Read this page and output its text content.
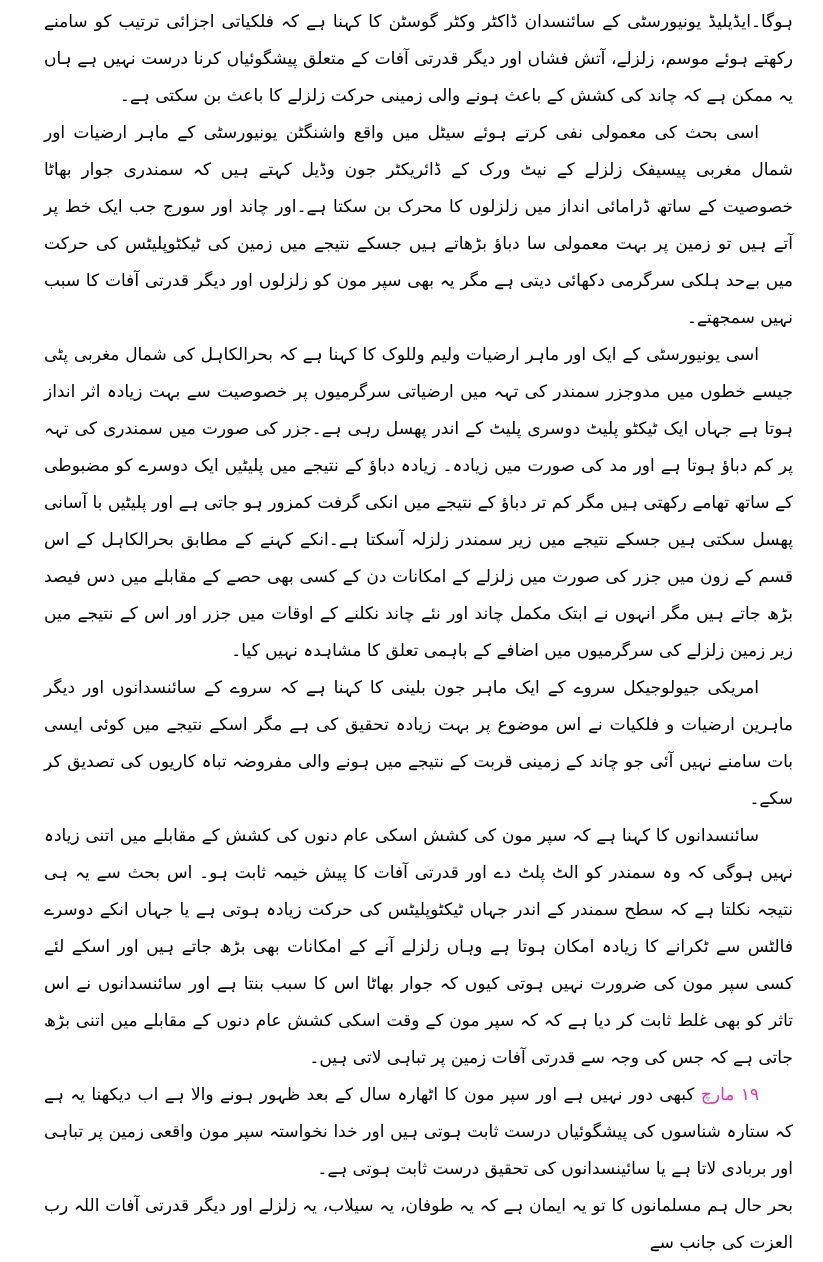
ہوگا۔ایڈیلیڈ یونیورسٹی کے سائنسدان ڈاکٹر وکٹر گوسٹن کا کہنا ہے کہ فلکیاتی اجزائی ترتیب کو سامنے رکھتے ہوئے موسم، زلزلے، آتش فشاں اور دیگر قدرتی آفات کے متعلق پیشگوئیاں کرنا درست نہیں ہے ہاں یہ ممکن ہے کہ چاند کی کشش کے باعث ہونے والی زمینی حرکت زلزلے کا باعث بن سکتی ہے۔

اسی بحث کی معمولی نفی کرتے ہوئے سیٹل میں واقع واشنگٹن یونیورسٹی کے ماہر ارضیات اور شمال مغربی پیسیفک زلزلے کے نیٹ ورک کے ڈائریکٹر جون وڈیل کہتے ہیں کہ سمندری جوار بھاٹا خصوصیت کے ساتھ ڈرامائی انداز میں زلزلوں کا محرک بن سکتا ہے۔اور چاند اور سورج جب ایک خط پر آتے ہیں تو زمین پر بہت معمولی سا دباؤ بڑھاتے ہیں جسکے نتیجے میں زمین کی ٹیکٹوپلیٹس کی حرکت میں بےحد ہلکی سرگرمی دکھائی دیتی ہے مگر یہ بھی سپر مون کو زلزلوں اور دیگر قدرتی آفات کا سبب نہیں سمجھتے۔

اسی یونیورسٹی کے ایک اور ماہر ارضیات ولیم وللوک کا کہنا ہے کہ بحرالکاہل کی شمال مغربی پٹی جیسے خطوں میں مدوجزر سمندر کی تہہ میں ارضیاتی سرگرمیوں پر خصوصیت سے بہت زیادہ اثر انداز ہوتا ہے جہاں ایک ٹیکٹو پلیٹ دوسری پلیٹ کے اندر پھسل رہی ہے۔جزر کی صورت میں سمندری کی تہہ پر کم دباؤ ہوتا ہے اور مد کی صورت میں زیادہ۔ زیادہ دباؤ کے نتیجے میں پلیٹیں ایک دوسرے کو مضبوطی کے ساتھ تھامے رکھتی ہیں مگر کم تر دباؤ کے نتیجے میں انکی گرفت کمزور ہو جاتی ہے اور پلیٹیں با آسانی پھسل سکتی ہیں جسکے نتیجے میں زیر سمندر زلزلہ آسکتا ہے۔انکے کہنے کے مطابق بحرالکاہل کے اس قسم کے زون میں جزر کی صورت میں زلزلے کے امکانات دن کے کسی بھی حصے کے مقابلے میں دس فیصد بڑھ جاتے ہیں مگر انہوں نے ابتک مکمل چاند اور نئے چاند نکلنے کے اوقات میں جزر اور اس کے نتیجے میں زیر زمین زلزلے کی سرگرمیوں میں اضافے کے باہمی تعلق کا مشاہدہ نہیں کیا۔

امریکی جیولوجیکل سروے کے ایک ماہر جون بلینی کا کہنا ہے کہ سروے کے سائنسدانوں اور دیگر ماہرین ارضیات و فلکیات نے اس موضوع پر بہت زیادہ تحقیق کی ہے مگر اسکے نتیجے میں کوئی ایسی بات سامنے نہیں آئی جو چاند کے زمینی قربت کے نتیجے میں ہونے والی مفروضہ تباہ کاریوں کی تصدیق کر سکے۔

سائنسدانوں کا کہنا ہے کہ سپر مون کی کشش اسکی عام دنوں کی کشش کے مقابلے میں اتنی زیادہ نہیں ہوگی کہ وہ سمندر کو الٹ پلٹ دے اور قدرتی آفات کا پیش خیمہ ثابت ہو۔ اس بحث سے یہ ہی نتیجہ نکلتا ہے کہ سطح سمندر کے اندر جہاں ٹیکٹوپلیٹس کی حرکت زیادہ ہوتی ہے یا جہاں انکے دوسرے فالٹس سے ٹکرانے کا زیادہ امکان ہوتا ہے وہاں زلزلے آنے کے امکانات بھی بڑھ جاتے ہیں اور اسکے لئے کسی سپر مون کی ضرورت نہیں ہوتی کیوں کہ جوار بھاٹا اس کا سبب بنتا ہے اور سائنسدانوں نے اس تاثر کو بھی غلط ثابت کر دیا ہے کہ کہ سپر مون کے وقت اسکی کشش عام دنوں کے مقابلے میں اتنی بڑھ جاتی ہے کہ جس کی وجہ سے قدرتی آفات زمین پر تباہی لاتی ہیں۔

۱۹ مارچ کبھی دور نہیں ہے اور سپر مون کا اٹھارہ سال کے بعد ظہور ہونے والا ہے اب دیکھنا یہ ہے کہ ستارہ شناسوں کی پیشگوئیاں درست ثابت ہوتی ہیں اور خدا نخواستہ سپر مون واقعی زمین پر تباہی اور بربادی لاتا ہے یا سائینسدانوں کی تحقیق درست ثابت ہوتی ہے۔

بحر حال ہم مسلمانوں کا تو یہ ایمان ہے کہ یہ طوفان، یہ سیلاب، یہ زلزلے اور دیگر قدرتی آفات اللہ رب العزت کی جانب سے
